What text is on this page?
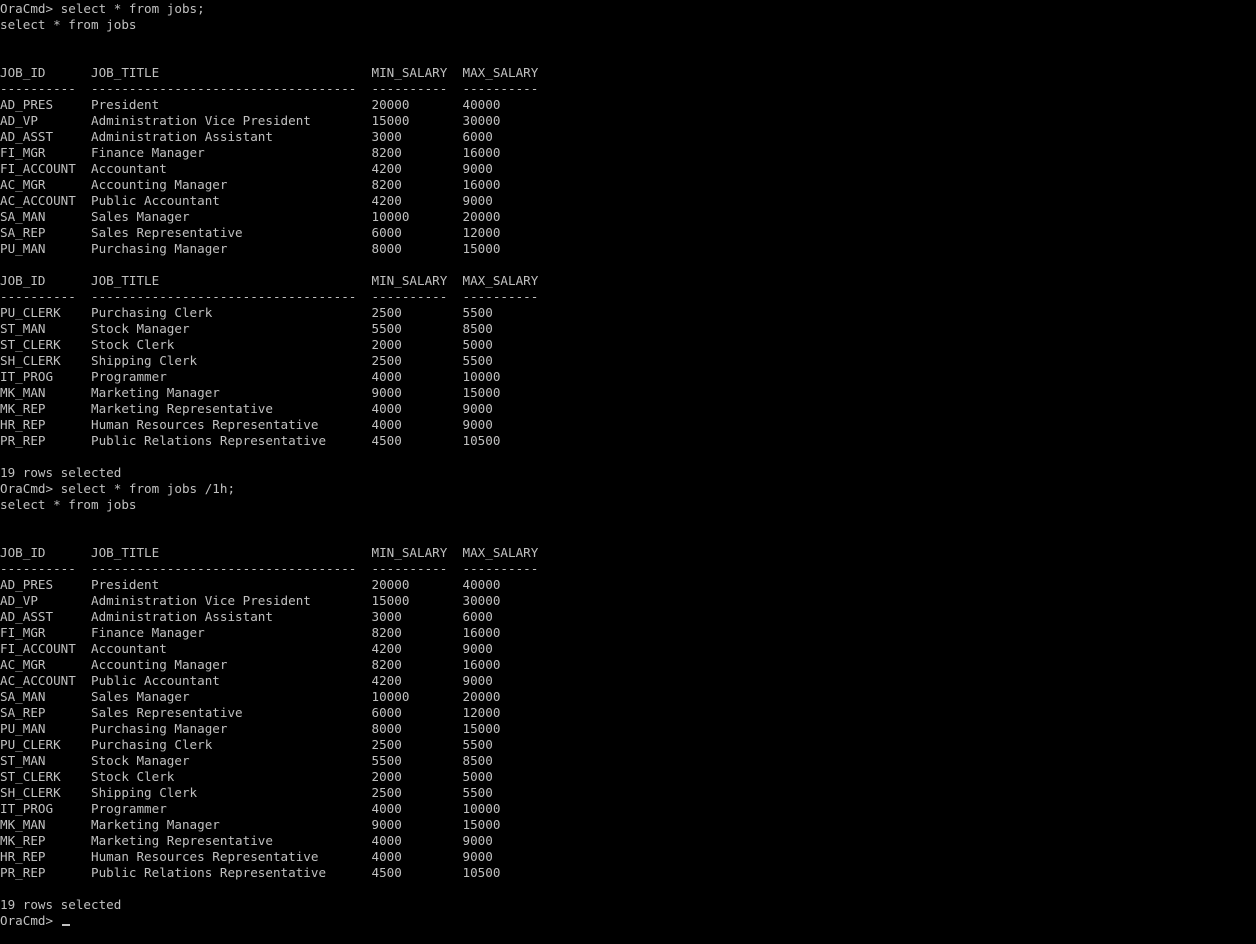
OraCmd> select * from jobs;
select * from jobs
JOB_ID      JOB_TITLE                            MIN_SALARY  MAX_SALARY
----------  -----------------------------------  ----------  ----------
AD_PRES     President                            20000       40000
AD_VP       Administration Vice President        15000       30000
AD_ASST     Administration Assistant             3000        6000
FI_MGR      Finance Manager                      8200        16000
FI_ACCOUNT  Accountant                           4200        9000
AC_MGR      Accounting Manager                   8200        16000
AC_ACCOUNT  Public Accountant                    4200        9000
SA_MAN      Sales Manager                        10000       20000
SA_REP      Sales Representative                 6000        12000
PU_MAN      Purchasing Manager                   8000        15000
JOB_ID      JOB_TITLE                            MIN_SALARY  MAX_SALARY
----------  -----------------------------------  ----------  ----------
PU_CLERK    Purchasing Clerk                     2500        5500
ST_MAN      Stock Manager                        5500        8500
ST_CLERK    Stock Clerk                          2000        5000
SH_CLERK    Shipping Clerk                       2500        5500
IT_PROG     Programmer                           4000        10000
MK_MAN      Marketing Manager                    9000        15000
MK_REP      Marketing Representative             4000        9000
HR_REP      Human Resources Representative       4000        9000
PR_REP      Public Relations Representative      4500        10500
19 rows selected
OraCmd> select * from jobs /1h;
select * from jobs
JOB_ID      JOB_TITLE                            MIN_SALARY  MAX_SALARY
----------  -----------------------------------  ----------  ----------
AD_PRES     President                            20000       40000
AD_VP       Administration Vice President        15000       30000
AD_ASST     Administration Assistant             3000        6000
FI_MGR      Finance Manager                      8200        16000
FI_ACCOUNT  Accountant                           4200        9000
AC_MGR      Accounting Manager                   8200        16000
AC_ACCOUNT  Public Accountant                    4200        9000
SA_MAN      Sales Manager                        10000       20000
SA_REP      Sales Representative                 6000        12000
PU_MAN      Purchasing Manager                   8000        15000
PU_CLERK    Purchasing Clerk                     2500        5500
ST_MAN      Stock Manager                        5500        8500
ST_CLERK    Stock Clerk                          2000        5000
SH_CLERK    Shipping Clerk                       2500        5500
IT_PROG     Programmer                           4000        10000
MK_MAN      Marketing Manager                    9000        15000
MK_REP      Marketing Representative             4000        9000
HR_REP      Human Resources Representative       4000        9000
PR_REP      Public Relations Representative      4500        10500
19 rows selected
OraCmd>
